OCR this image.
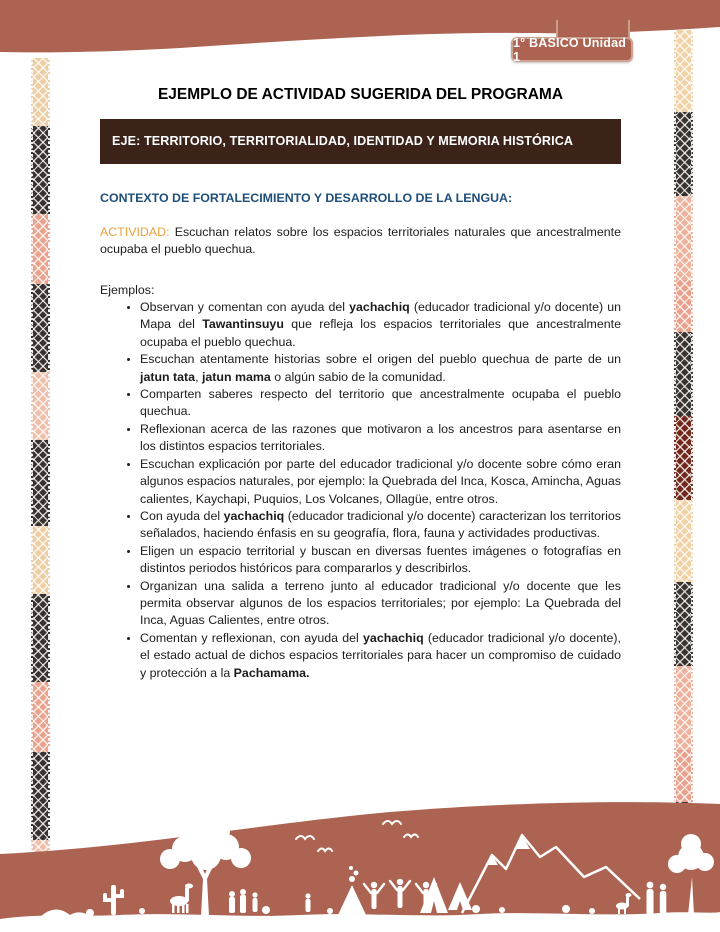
1° BÁSICO Unidad 1
EJEMPLO DE ACTIVIDAD SUGERIDA DEL PROGRAMA
EJE: TERRITORIO, TERRITORIALIDAD, IDENTIDAD Y MEMORIA HISTÓRICA
CONTEXTO DE FORTALECIMIENTO Y DESARROLLO DE LA LENGUA:

ACTIVIDAD: Escuchan relatos sobre los espacios territoriales naturales que ancestralmente ocupaba el pueblo quechua.

Ejemplos:
• Observan y comentan con ayuda del yachachiq (educador tradicional y/o docente) un Mapa del Tawantinsuyu que refleja los espacios territoriales que ancestralmente ocupaba el pueblo quechua.
• Escuchan atentamente historias sobre el origen del pueblo quechua de parte de un jatun tata, jatun mama o algún sabio de la comunidad.
• Comparten saberes respecto del territorio que ancestralmente ocupaba el pueblo quechua.
• Reflexionan acerca de las razones que motivaron a los ancestros para asentarse en los distintos espacios territoriales.
• Escuchan explicación por parte del educador tradicional y/o docente sobre cómo eran algunos espacios naturales, por ejemplo: la Quebrada del Inca, Kosca, Amincha, Aguas calientes, Kaychapi, Puquios, Los Volcanes, Ollagüe, entre otros.
• Con ayuda del yachachiq (educador tradicional y/o docente) caracterizan los territorios señalados, haciendo énfasis en su geografía, flora, fauna y actividades productivas.
• Eligen un espacio territorial y buscan en diversas fuentes imágenes o fotografías en distintos periodos históricos para compararlos y describirlos.
• Organizan una salida a terreno junto al educador tradicional y/o docente que les permita observar algunos de los espacios territoriales; por ejemplo: La Quebrada del Inca, Aguas Calientes, entre otros.
• Comentan y reflexionan, con ayuda del yachachiq (educador tradicional y/o docente), el estado actual de dichos espacios territoriales para hacer un compromiso de cuidado y protección a la Pachamama.
